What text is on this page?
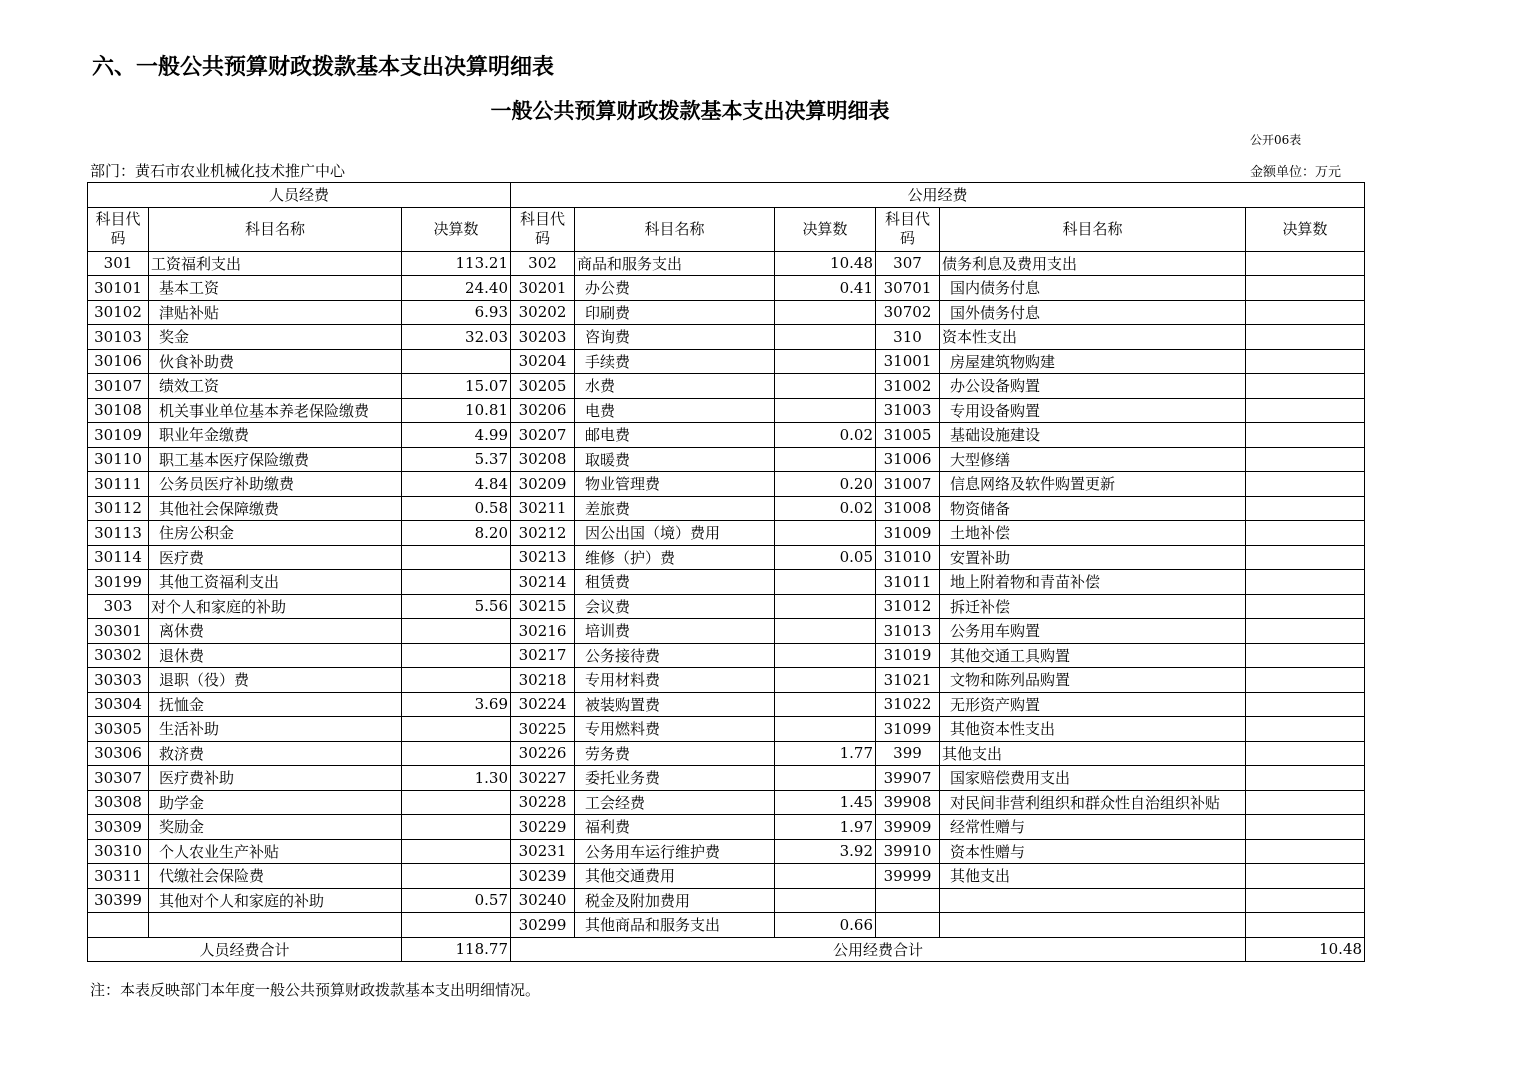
六、一般公共预算财政拨款基本支出决算明细表
一般公共预算财政拨款基本支出决算明细表
公开06表
部门：黄石市农业机械化技术推广中心	金额单位：万元
人员经费			公用经费					
科目代码	科目名称	决算数	科目代码	科目名称	决算数	科目代码	科目名称	决算数
301	工资福利支出	113.21	302	商品和服务支出	10.48	307	债务利息及费用支出	
30101	基本工资	24.40	30201	办公费	0.41	30701	国内债务付息	
30102	津贴补贴	6.93	30202	印刷费		30702	国外债务付息	
30103	奖金	32.03	30203	咨询费		310	资本性支出	
30106	伙食补助费		30204	手续费		31001	房屋建筑物购建	
30107	绩效工资	15.07	30205	水费		31002	办公设备购置	
30108	机关事业单位基本养老保险缴费	10.81	30206	电费		31003	专用设备购置	
30109	职业年金缴费	4.99	30207	邮电费	0.02	31005	基础设施建设	
30110	职工基本医疗保险缴费	5.37	30208	取暖费		31006	大型修缮	
30111	公务员医疗补助缴费	4.84	30209	物业管理费	0.20	31007	信息网络及软件购置更新	
30112	其他社会保障缴费	0.58	30211	差旅费	0.02	31008	物资储备	
30113	住房公积金	8.20	30212	因公出国（境）费用		31009	土地补偿	
30114	医疗费		30213	维修（护）费	0.05	31010	安置补助	
30199	其他工资福利支出		30214	租赁费		31011	地上附着物和青苗补偿	
303	对个人和家庭的补助	5.56	30215	会议费		31012	拆迁补偿	
30301	离休费		30216	培训费		31013	公务用车购置	
30302	退休费		30217	公务接待费		31019	其他交通工具购置	
30303	退职（役）费		30218	专用材料费		31021	文物和陈列品购置	
30304	抚恤金	3.69	30224	被装购置费		31022	无形资产购置	
30305	生活补助		30225	专用燃料费		31099	其他资本性支出	
30306	救济费		30226	劳务费	1.77	399	其他支出	
30307	医疗费补助	1.30	30227	委托业务费		39907	国家赔偿费用支出	
30308	助学金		30228	工会经费	1.45	39908	对民间非营利组织和群众性自治组织补贴	
30309	奖励金		30229	福利费	1.97	39909	经常性赠与	
30310	个人农业生产补贴		30231	公务用车运行维护费	3.92	39910	资本性赠与	
30311	代缴社会保险费		30239	其他交通费用		39999	其他支出	
30399	其他对个人和家庭的补助	0.57	30240	税金及附加费用				
			30299	其他商品和服务支出	0.66			
人员经费合计		118.77	公用经费合计					10.48
注：本表反映部门本年度一般公共预算财政拨款基本支出明细情况。
